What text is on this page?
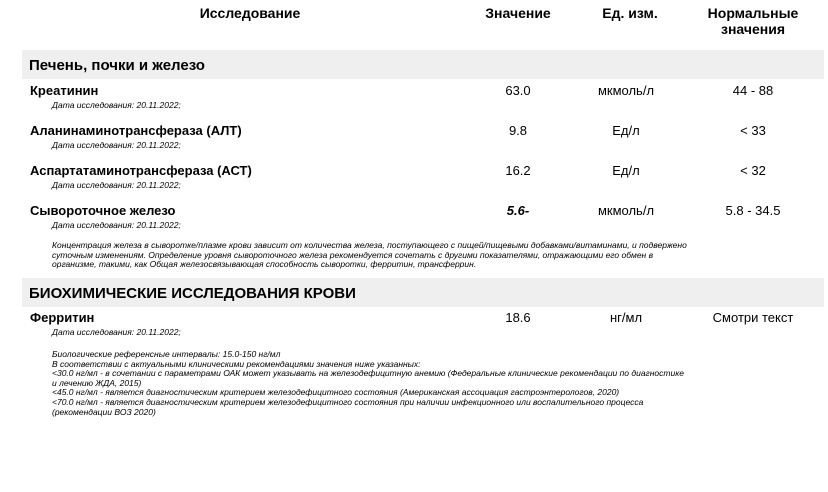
Исследование	Значение	Ед. изм.	Нормальные
значения
Печень, почки и железо
Креатинин	63.0	мкмоль/л	44 - 88
Дата исследования: 20.11.2022;
Аланинаминотрансфераза (АЛТ)	9.8	Ед/л	< 33
Дата исследования: 20.11.2022;
Аспартатаминотрансфераза (АСТ)	16.2	Ед/л	< 32
Дата исследования: 20.11.2022;
Сывороточное железо	5.6-	мкмоль/л	5.8 - 34.5
Дата исследования: 20.11.2022;

Концентрация железа в сыворотке/плазме крови зависит от количества железа, поступающего с пищей/пищевыми добавками/витаминами, и подвержено

суточным изменениям. Определение уровня сывороточного железа рекомендуется сочетать с другими показателями, отражающими его обмен в

организме, такими, как Общая железосвязывающая способность сыворотки, ферритин, трансферрин.

БИОХИМИЧЕСКИЕ ИССЛЕДОВАНИЯ КРОВИ
Ферритин	18.6	нг/мл	Смотри текст
Дата исследования: 20.11.2022;

Биологические референсные интервалы: 15.0-150 нг/мл

В соответствии с актуальными клиническими рекомендациями значения ниже указанных:

<30.0 нг/мл - в сочетании с параметрами ОАК может указывать на железодефицитную анемию (Федеральные клинические рекомендации по диагностике

и лечению ЖДА, 2015)

<45.0 нг/мл - является диагностическим критерием железодефицитного состояния (Американская ассоциация гастроэнтерологов, 2020)

<70.0 нг/мл - является диагностическим критерием железодефицитного состояния при наличии инфекционного или воспалительного процесса

(рекомендации ВОЗ 2020)
